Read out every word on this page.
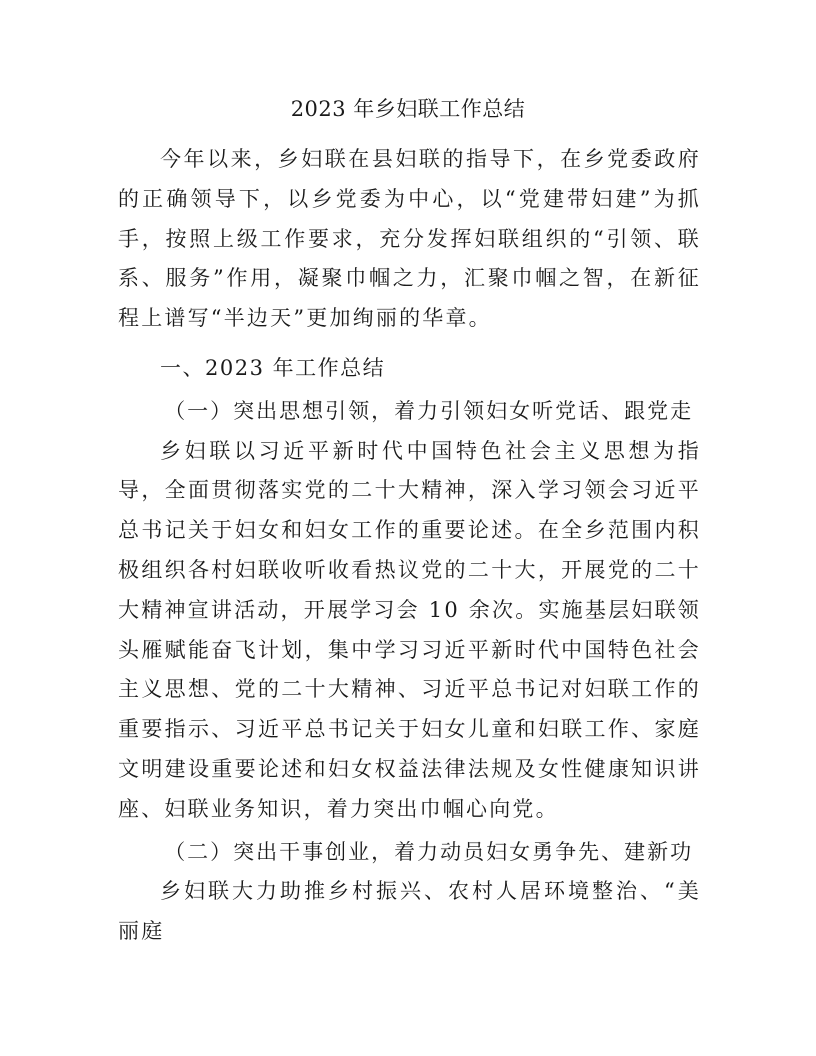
2023 年乡妇联工作总结

今年以来，乡妇联在县妇联的指导下，在乡党委政府的正确领导下，以乡党委为中心，以“党建带妇建”为抓手，按照上级工作要求，充分发挥妇联组织的“引领、联系、服务”作用，凝聚巾帼之力，汇聚巾帼之智，在新征程上谱写“半边天”更加绚丽的华章。

一、2023 年工作总结

（一）突出思想引领，着力引领妇女听党话、跟党走

乡妇联以习近平新时代中国特色社会主义思想为指导，全面贯彻落实党的二十大精神，深入学习领会习近平总书记关于妇女和妇女工作的重要论述。在全乡范围内积极组织各村妇联收听收看热议党的二十大，开展党的二十大精神宣讲活动，开展学习会 10 余次。实施基层妇联领头雁赋能奋飞计划，集中学习习近平新时代中国特色社会主义思想、党的二十大精神、习近平总书记对妇联工作的重要指示、习近平总书记关于妇女儿童和妇联工作、家庭文明建设重要论述和妇女权益法律法规及女性健康知识讲座、妇联业务知识，着力突出巾帼心向党。

（二）突出干事创业，着力动员妇女勇争先、建新功

乡妇联大力助推乡村振兴、农村人居环境整治、“美丽庭
